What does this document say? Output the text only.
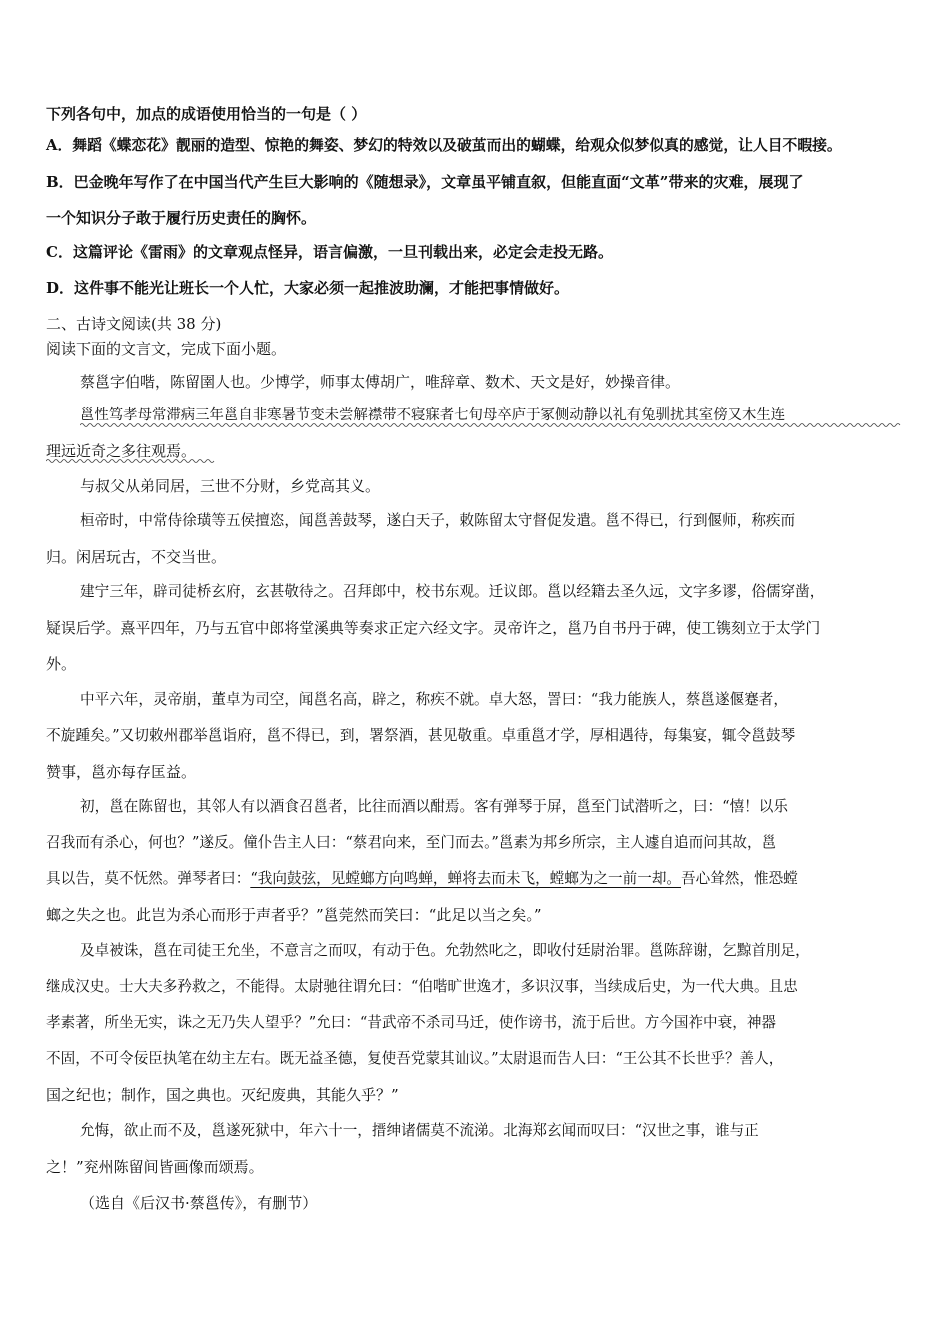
下列各句中，加点的成语使用恰当的一句是（ ）
A．舞蹈《蝶恋花》靓丽的造型、惊艳的舞姿、梦幻的特效以及破茧而出的蝴蝶，给观众似梦似真的感觉，让人目不暇接。
B．巴金晚年写作了在中国当代产生巨大影响的《随想录》，文章虽平铺直叙，但能直面“文革”带来的灾难，展现了
一个知识分子敢于履行历史责任的胸怀。
C．这篇评论《雷雨》的文章观点怪异，语言偏激，一旦刊载出来，必定会走投无路。
D．这件事不能光让班长一个人忙，大家必须一起推波助澜，才能把事情做好。
二、古诗文阅读(共 38 分)
阅读下面的文言文，完成下面小题。
蔡邕字伯喈，陈留圉人也。少博学，师事太傅胡广，唯辞章、数术、天文是好，妙操音律。
邕性笃孝母常滞病三年邕自非寒暑节变未尝解襟带不寝寐者七旬母卒庐于冢侧动静以礼有兔驯扰其室傍又木生连
理远近奇之多往观焉。
与叔父从弟同居，三世不分财，乡党高其义。
桓帝时，中常侍徐璜等五侯擅恣，闻邕善鼓琴，遂白天子，敕陈留太守督促发遣。邕不得已，行到偃师，称疾而
归。闲居玩古，不交当世。
建宁三年，辟司徒桥玄府，玄甚敬待之。召拜郎中，校书东观。迁议郎。邕以经籍去圣久远，文字多谬，俗儒穿凿，
疑误后学。熹平四年，乃与五官中郎将堂溪典等奏求正定六经文字。灵帝许之，邕乃自书丹于碑，使工镌刻立于太学门
外。
中平六年，灵帝崩，董卓为司空，闻邕名高，辟之，称疾不就。卓大怒，詈曰：“我力能族人，蔡邕遂偃蹇者，
不旋踵矣。”又切敕州郡举邕诣府，邕不得已，到，署祭酒，甚见敬重。卓重邕才学，厚相遇待，每集宴，辄令邕鼓琴
赞事，邕亦每存匡益。
初，邕在陈留也，其邻人有以酒食召邕者，比往而酒以酣焉。客有弹琴于屏，邕至门试潜听之，曰：“憘！以乐
召我而有杀心，何也？”遂反。僮仆告主人曰：“蔡君向来，至门而去。”邕素为邦乡所宗，主人遽自追而问其故，邕
具以告，莫不怃然。弹琴者曰：“我向鼓弦，见螳螂方向鸣蝉，蝉将去而未飞，螳螂为之一前一却。吾心耸然，惟恐螳
螂之失之也。此岂为杀心而形于声者乎？”邕莞然而笑曰：“此足以当之矣。”
及卓被诛，邕在司徒王允坐，不意言之而叹，有动于色。允勃然叱之，即收付廷尉治罪。邕陈辞谢，乞黥首刖足，
继成汉史。士大夫多矜救之，不能得。太尉驰往谓允曰：“伯喈旷世逸才，多识汉事，当续成后史，为一代大典。且忠
孝素著，所坐无实，诛之无乃失人望乎？”允曰：“昔武帝不杀司马迁，使作谤书，流于后世。方今国祚中衰，神器
不固，不可令佞臣执笔在幼主左右。既无益圣德，复使吾党蒙其讪议。”太尉退而告人曰：“王公其不长世乎？善人，
国之纪也；制作，国之典也。灭纪废典，其能久乎？”
允悔，欲止而不及，邕遂死狱中，年六十一，搢绅诸儒莫不流涕。北海郑玄闻而叹曰：“汉世之事，谁与正
之！”兖州陈留间皆画像而颂焉。
（选自《后汉书·蔡邕传》，有删节）
